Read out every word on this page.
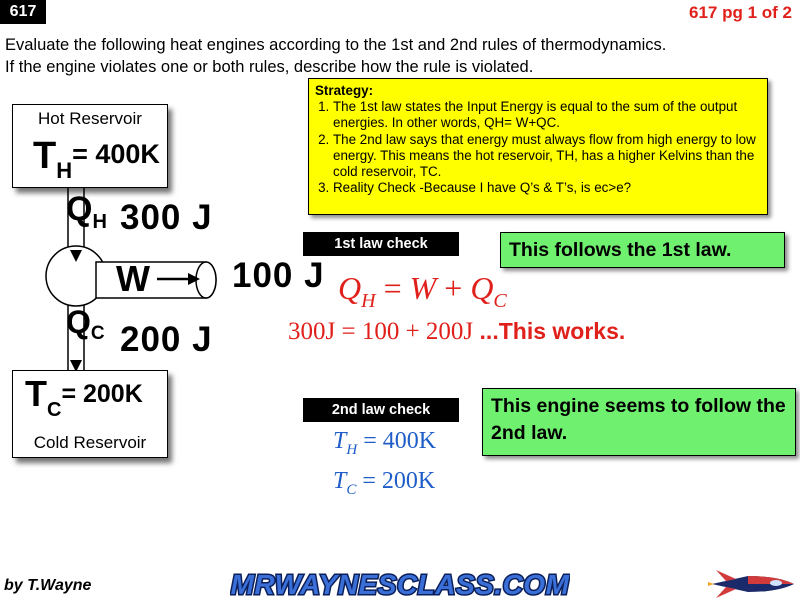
617	617 pg 1 of 2
Evaluate the following heat engines according to the 1st and 2nd rules of thermodynamics.
If the engine violates one or both rules, describe how the rule is violated.
Hot Reservoir
TH= 400K
TC= 200K
Cold Reservoir
QH 300 J
W 100 J
QC 200 J
Strategy:
1. The 1st law states the Input Energy is equal to the sum of the output energies. In other words, QH= W+QC.
2. The 2nd law says that energy must always flow from high energy to low energy. This means the hot reservoir, TH, has a higher Kelvins than the cold reservoir, TC.
3. Reality Check -Because I have Q’s & T’s, is ec>e?
1st law check	This follows the 1st law.
$Q_H = W + Q_C$
300J = 100 + 200J ...This works.
2nd law check	This engine seems to follow the 2nd law.
$T_H = 400K$
$T_C = 200K$
by T.Wayne	MRWAYNESCLASS.COM
